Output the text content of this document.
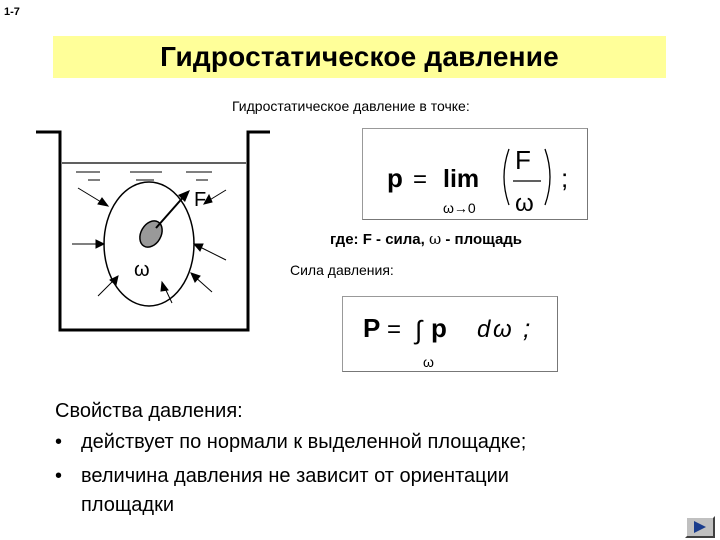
1-7
Гидростатическое давление
Гидростатическое давление в точке:
F
ω
p = lim
ω→0
F
ω
;
где: F - сила, ω - площадь
Сила давления:
P = ∫ p d ω ;
ω
Свойства давления:
• действует по нормали к выделенной площадке;
• величина давления не зависит от ориентации
площадки
